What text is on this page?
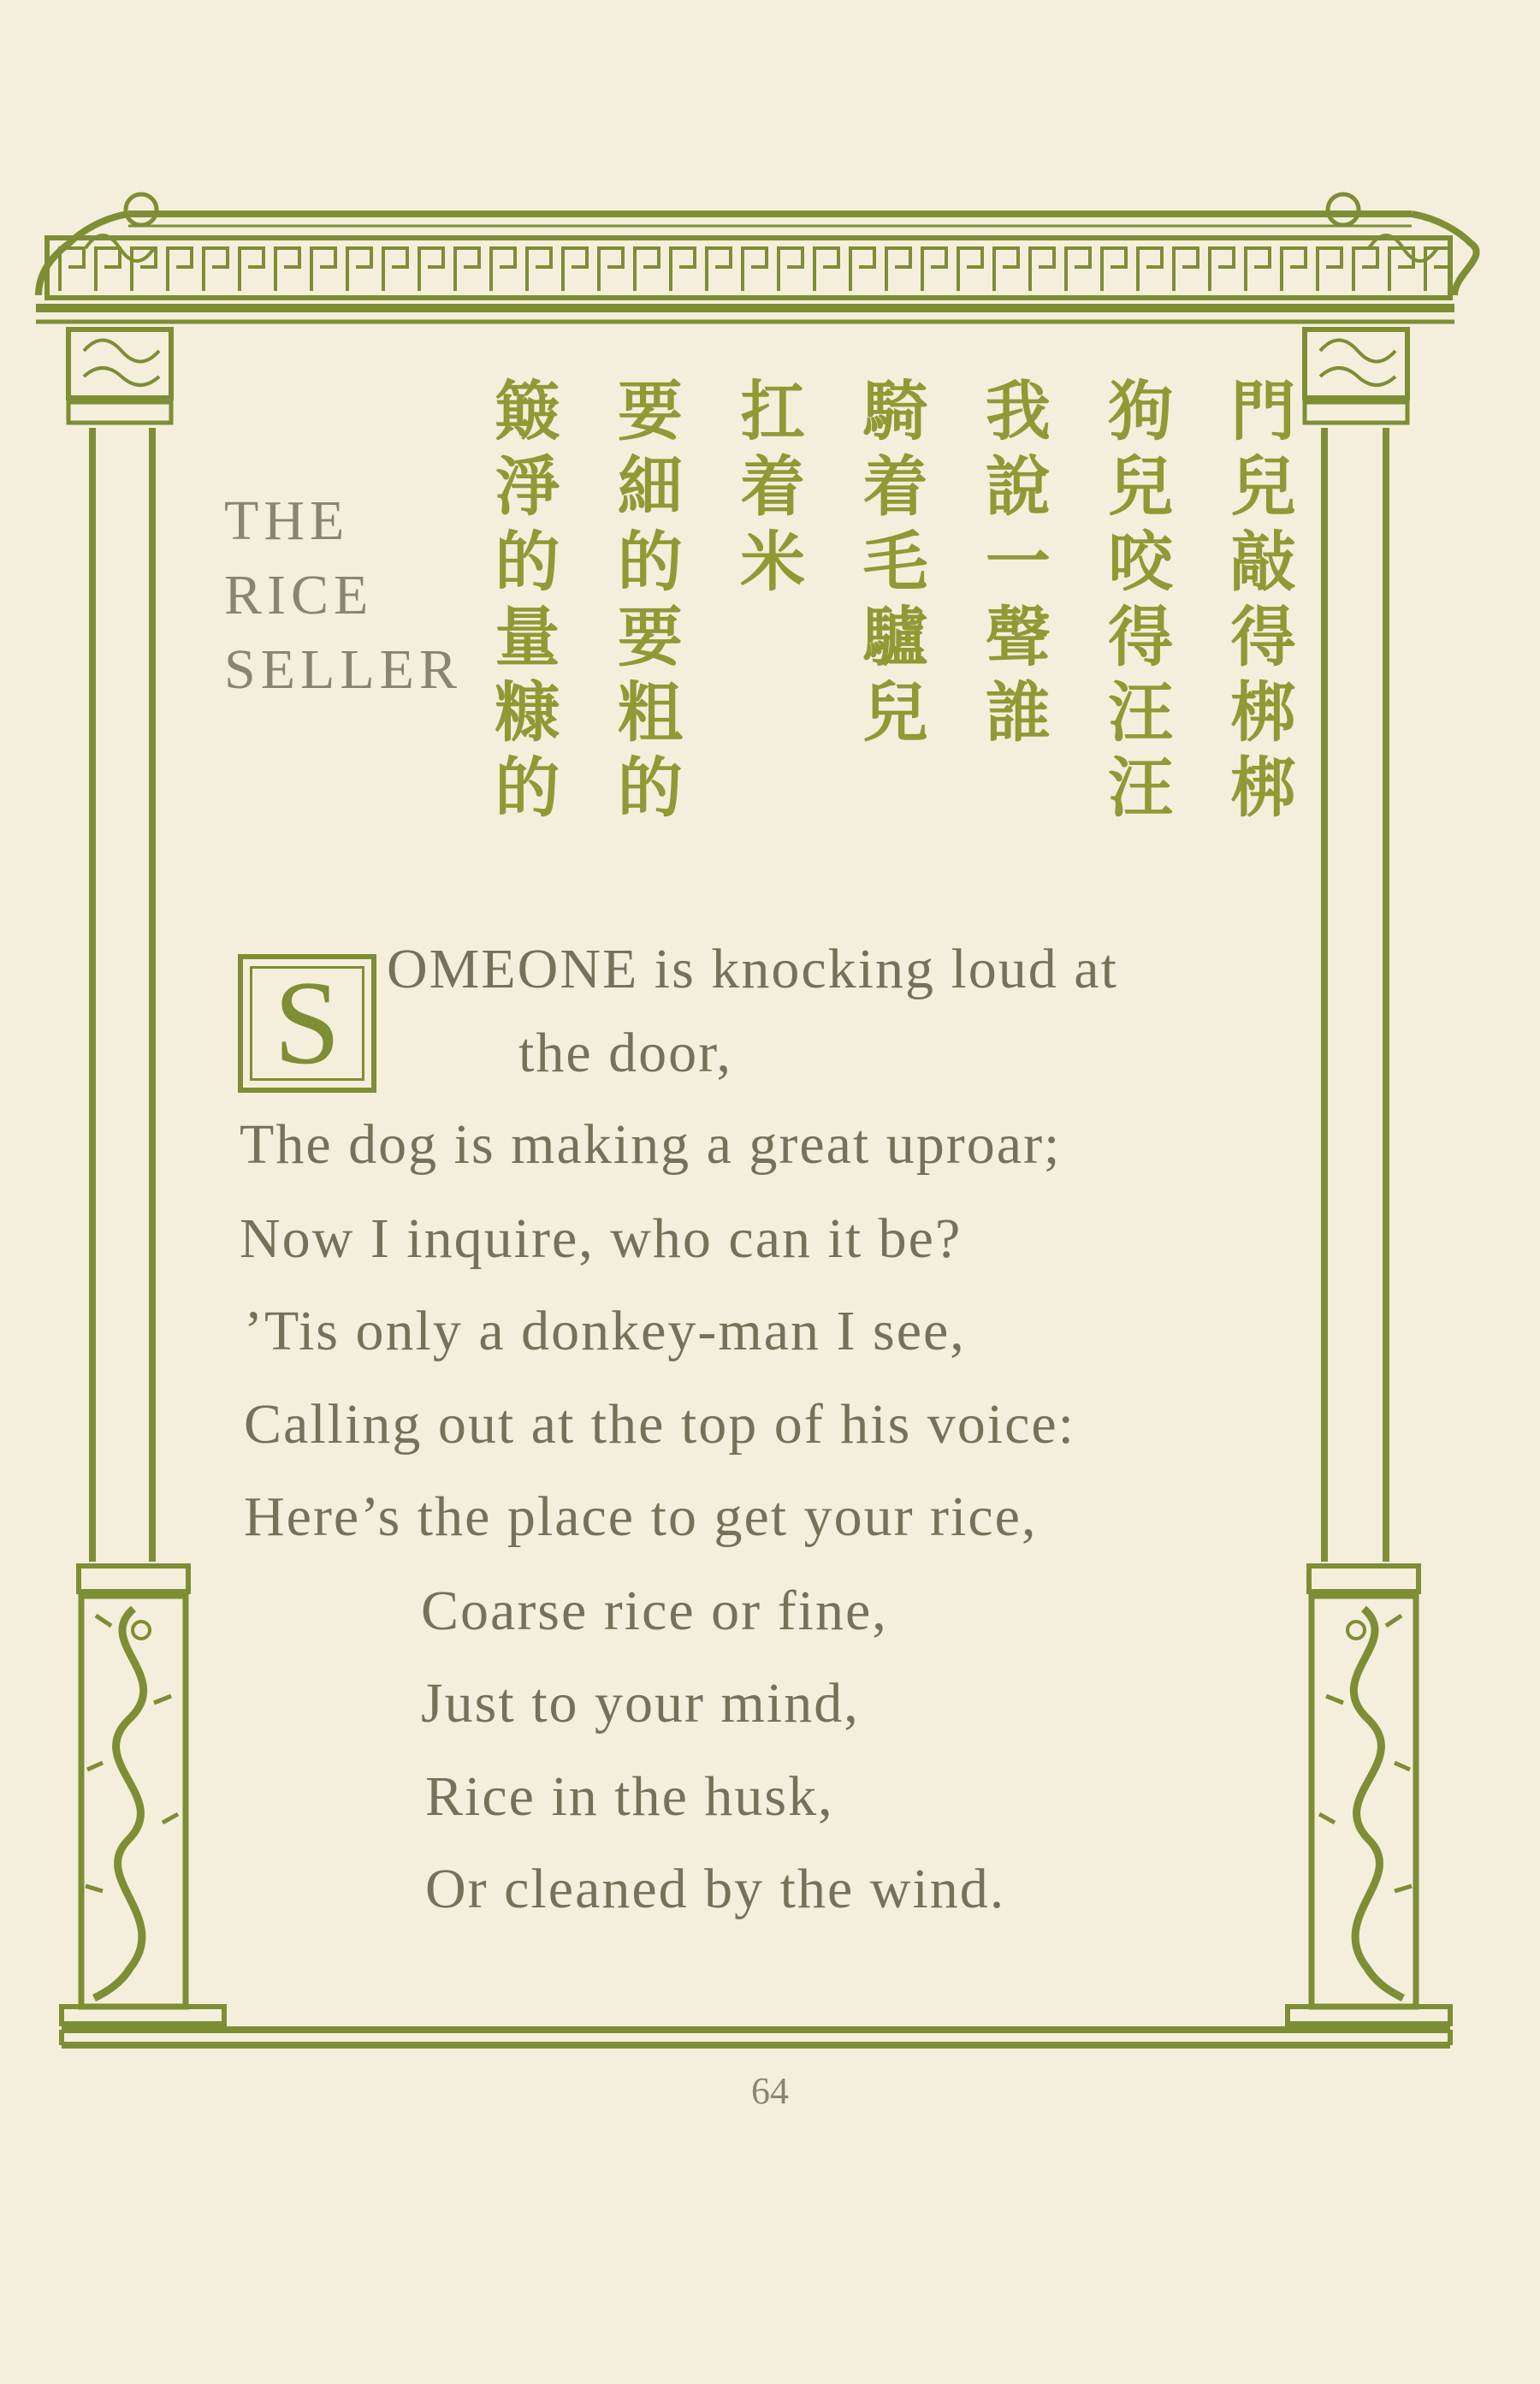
THE
RICE
SELLER	門兒敲得梆梆
狗兒咬得汪汪
我說一聲誰
騎着毛驢兒
扛着米
要細的要粗的
簸淨的量糠的
S OMEONE is knocking loud at
the door,
The dog is making a great uproar;
Now I inquire, who can it be?
’Tis only a donkey-man I see,
Calling out at the top of his voice:
Here’s the place to get your rice,
Coarse rice or fine,
Just to your mind,
Rice in the husk,
Or cleaned by the wind.
64
